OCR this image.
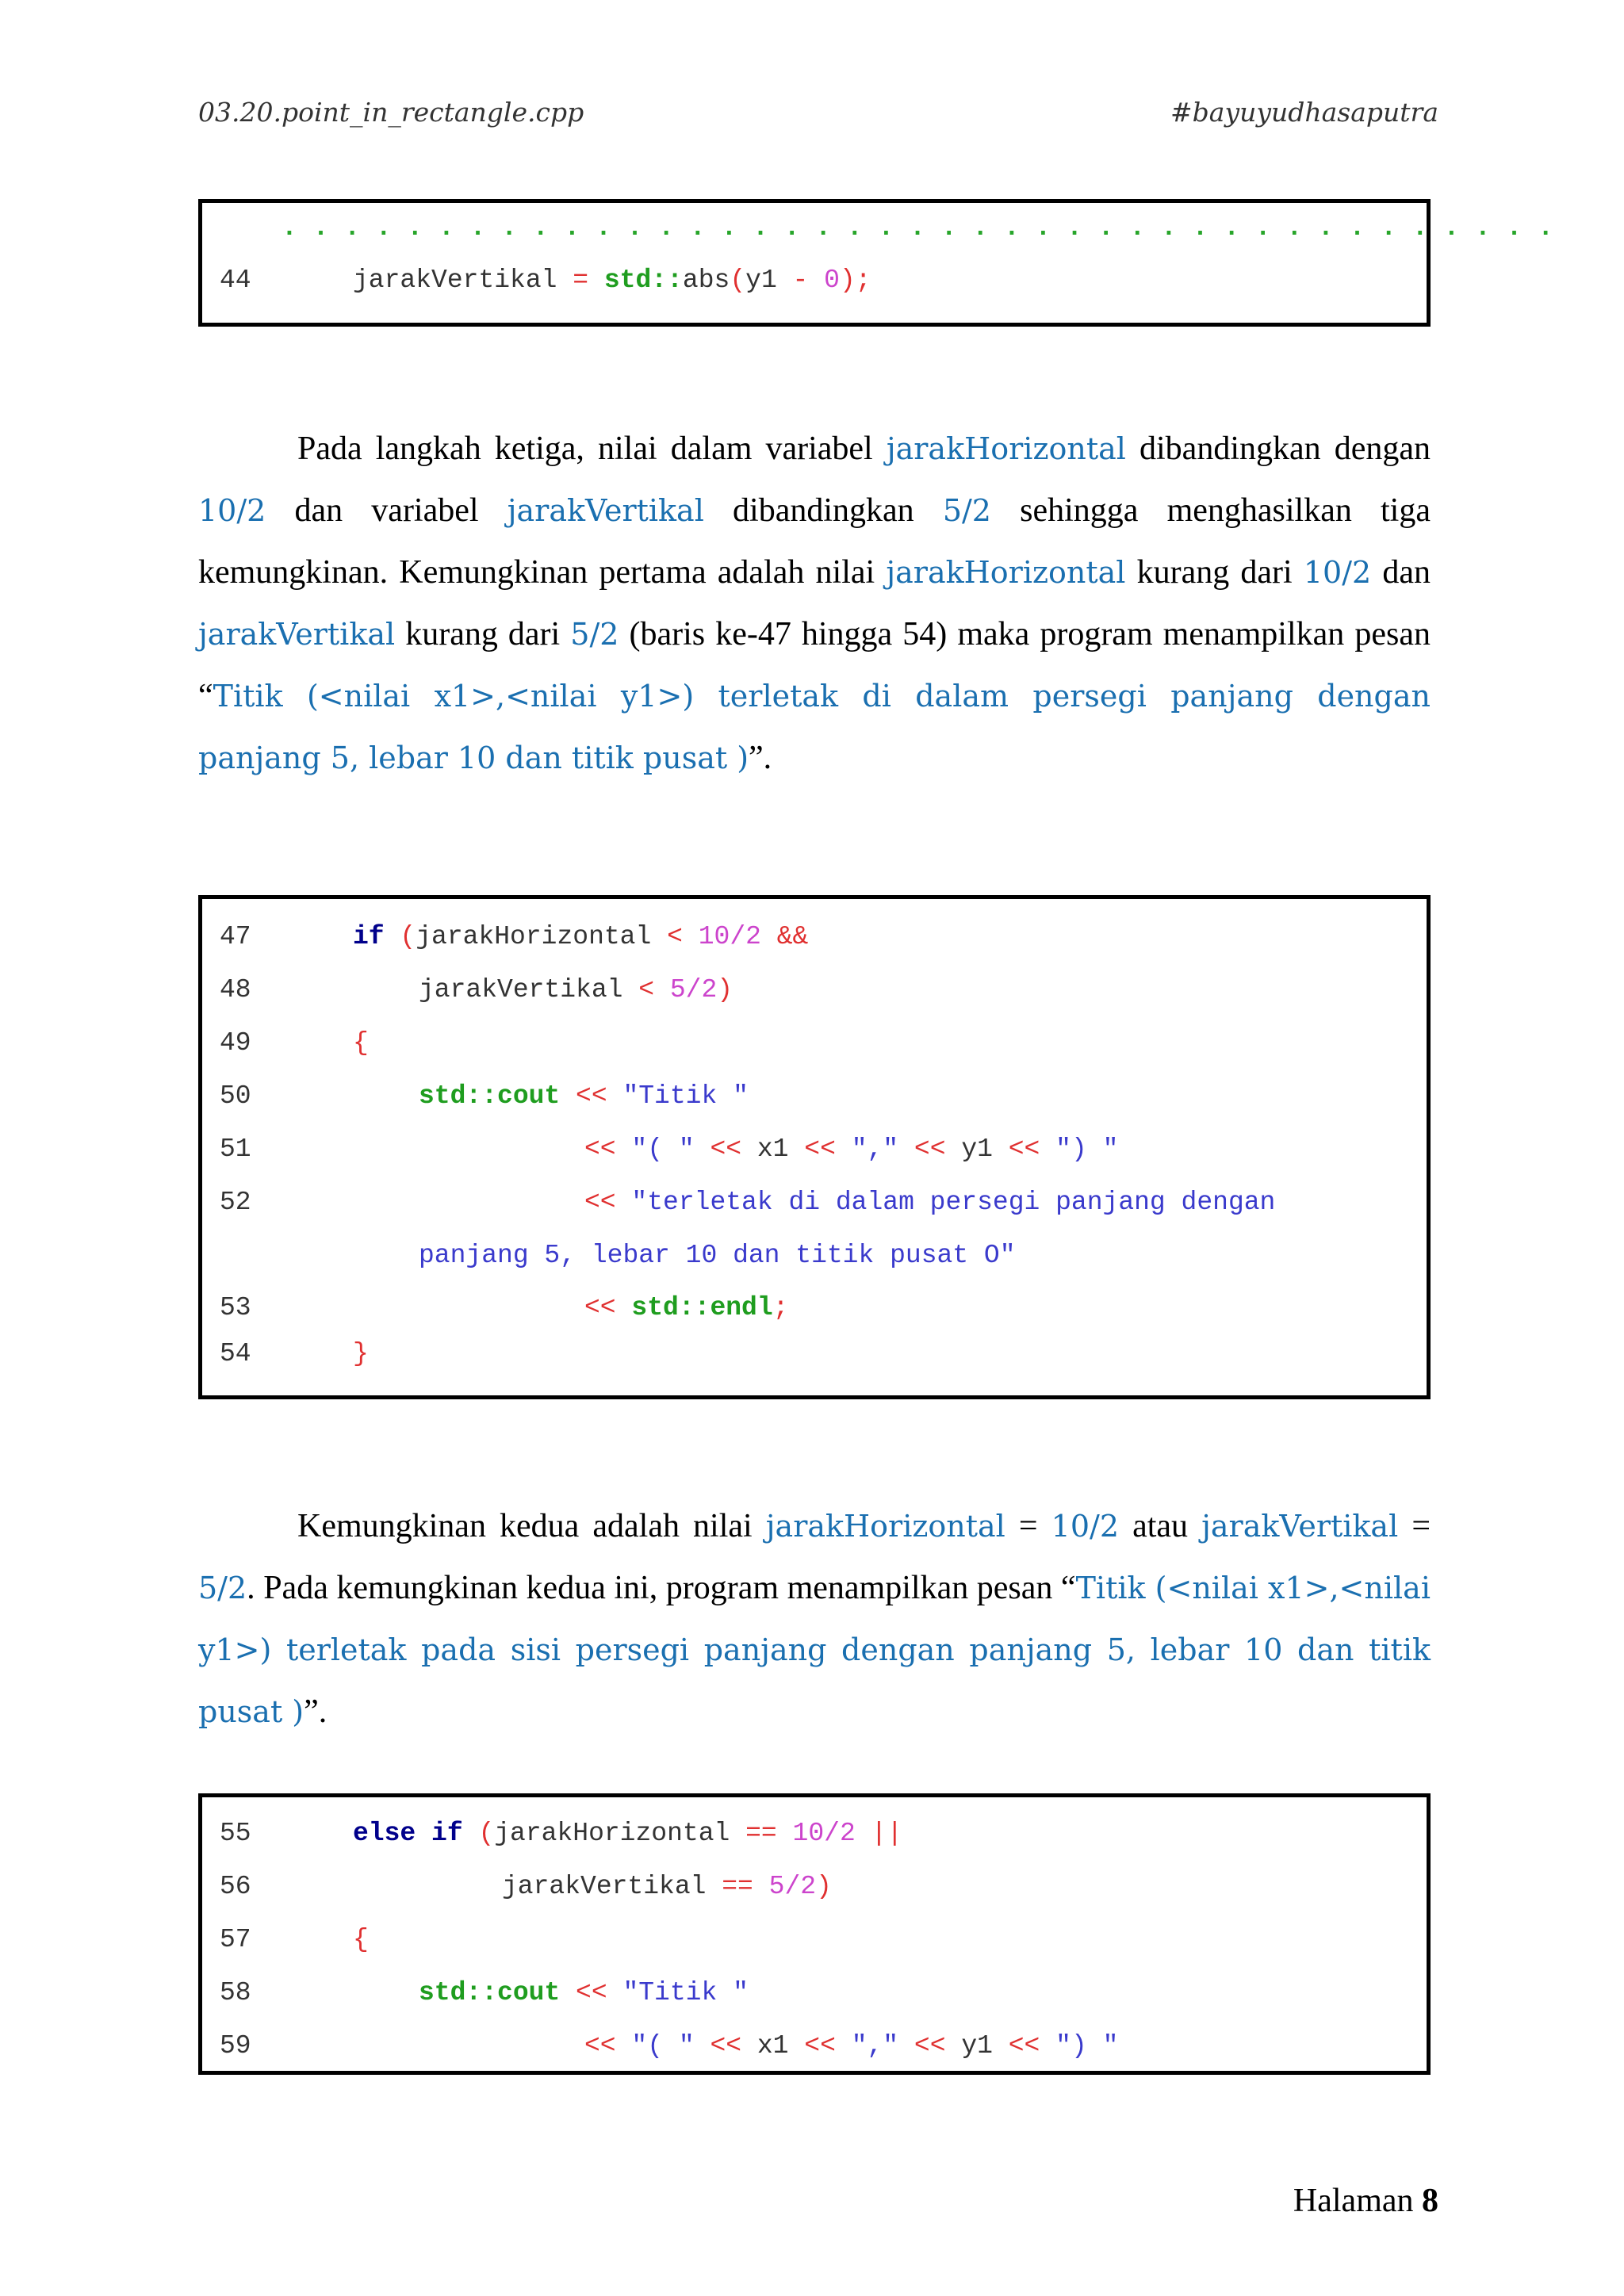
03.20.point_in_rectangle.cpp	#bayuyudhasaputra

. . . . . . . . . . . . . . . . . . . . . . . . . . . . . . . . . . . . . . . . .

44	jarakVertikal = std::abs(y1 - 0);

Pada langkah ketiga, nilai dalam variabel jarakHorizontal dibandingkan dengan 10/2 dan variabel jarakVertikal dibandingkan 5/2 sehingga menghasilkan tiga kemungkinan. Kemungkinan pertama adalah nilai jarakHorizontal kurang dari 10/2 dan jarakVertikal kurang dari 5/2 (baris ke-47 hingga 54) maka program menampilkan pesan “Titik (<nilai x1>,<nilai y1>) terletak di dalam persegi panjang dengan panjang 5, lebar 10 dan titik pusat )”.

47	if (jarakHorizontal < 10/2 &&

48	jarakVertikal < 5/2)

49	{

50	std::cout << "Titik "

51	<< "( " << x1 << "," << y1 << ") "

52	<< "terletak di dalam persegi panjang dengan

panjang 5, lebar 10 dan titik pusat O"

53	<< std::endl;

54	}

Kemungkinan kedua adalah nilai jarakHorizontal = 10/2 atau jarakVertikal = 5/2. Pada kemungkinan kedua ini, program menampilkan pesan “Titik (<nilai x1>,<nilai y1>) terletak pada sisi persegi panjang dengan panjang 5, lebar 10 dan titik pusat )”.

55	else if (jarakHorizontal == 10/2 ||

56	jarakVertikal == 5/2)

57	{

58	std::cout << "Titik "

59	<< "( " << x1 << "," << y1 << ") "

Halaman 8
